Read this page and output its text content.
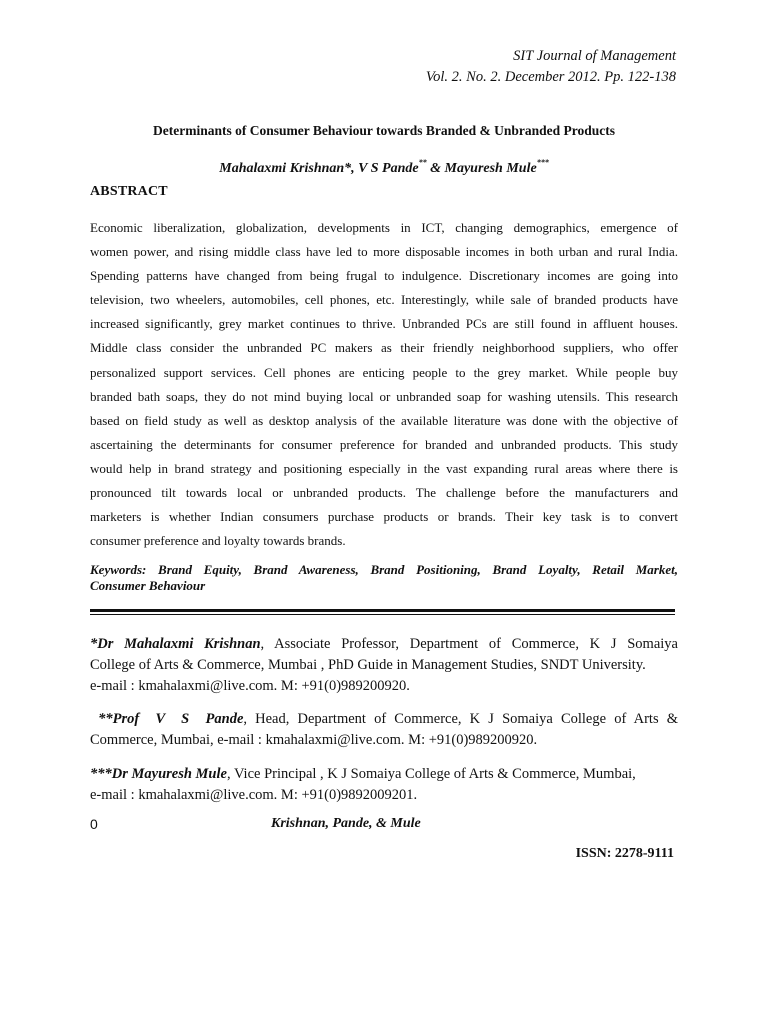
SIT Journal of Management
Vol. 2. No. 2. December 2012. Pp. 122-138
Determinants of Consumer Behaviour towards Branded & Unbranded Products
Mahalaxmi Krishnan*, V S Pande** & Mayuresh Mule***
ABSTRACT
Economic liberalization, globalization, developments in ICT, changing demographics, emergence of
women power, and rising middle class have led to more disposable incomes in both urban and rural India.
Spending patterns have changed from being frugal to indulgence. Discretionary incomes are going into
television, two wheelers, automobiles, cell phones, etc. Interestingly, while sale of branded products have
increased significantly, grey market continues to thrive. Unbranded PCs are still found in affluent houses.
Middle class consider the unbranded PC makers as their friendly neighborhood suppliers, who offer
personalized support services. Cell phones are enticing people to the grey market. While people buy
branded bath soaps, they do not mind buying local or unbranded soap for washing utensils. This research
based on field study as well as desktop analysis of the available literature was done with the objective of
ascertaining the determinants for consumer preference for branded and unbranded products. This study
would help in brand strategy and positioning especially in the vast expanding rural areas where there is
pronounced tilt towards local or unbranded products. The challenge before the manufacturers and
marketers is whether Indian consumers purchase products or brands. Their key task is to convert
consumer preference and loyalty towards brands.
Keywords: Brand Equity, Brand Awareness, Brand Positioning, Brand Loyalty, Retail Market,
Consumer Behaviour
*Dr Mahalaxmi Krishnan, Associate Professor, Department of Commerce, K J Somaiya
College of Arts & Commerce, Mumbai , PhD Guide in Management Studies, SNDT University.
e-mail : kmahalaxmi@live.com. M: +91(0)989200920.
**Prof  V  S  Pande, Head, Department of Commerce, K J Somaiya College of Arts &
Commerce, Mumbai, e-mail : kmahalaxmi@live.com. M: +91(0)989200920.
***Dr Mayuresh Mule, Vice Principal , K J Somaiya College of Arts & Commerce, Mumbai,
e-mail : kmahalaxmi@live.com. M: +91(0)9892009201.
0	Krishnan, Pande, & Mule
ISSN: 2278-9111
